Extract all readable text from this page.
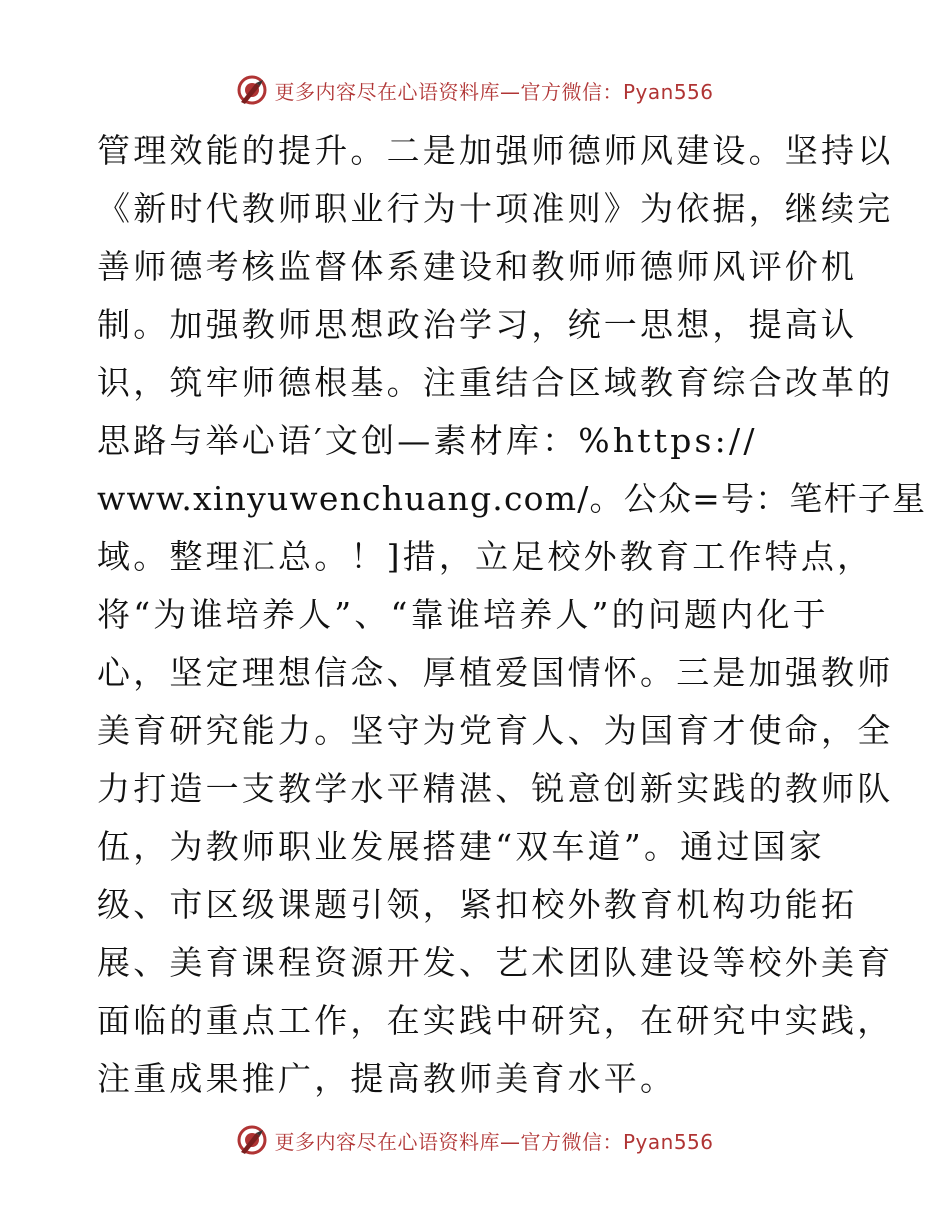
更多内容尽在心语资料库—官方微信：Pyan556
管理效能的提升。二是加强师德师风建设。坚持以
《新时代教师职业行为十项准则》为依据，继续完
善师德考核监督体系建设和教师师德师风评价机
制。加强教师思想政治学习，统一思想，提高认
识，筑牢师德根基。注重结合区域教育综合改革的
思路与举心语′文创—素材库：%https://
www.xinyuwenchuang.com/。公众=号：笔杆子星
域。整理汇总。！]措，立足校外教育工作特点，
将“为谁培养人”、“靠谁培养人”的问题内化于
心，坚定理想信念、厚植爱国情怀。三是加强教师
美育研究能力。坚守为党育人、为国育才使命，全
力打造一支教学水平精湛、锐意创新实践的教师队
伍，为教师职业发展搭建“双车道”。通过国家
级、市区级课题引领，紧扣校外教育机构功能拓
展、美育课程资源开发、艺术团队建设等校外美育
面临的重点工作，在实践中研究，在研究中实践，
注重成果推广，提高教师美育水平。
更多内容尽在心语资料库—官方微信：Pyan556
